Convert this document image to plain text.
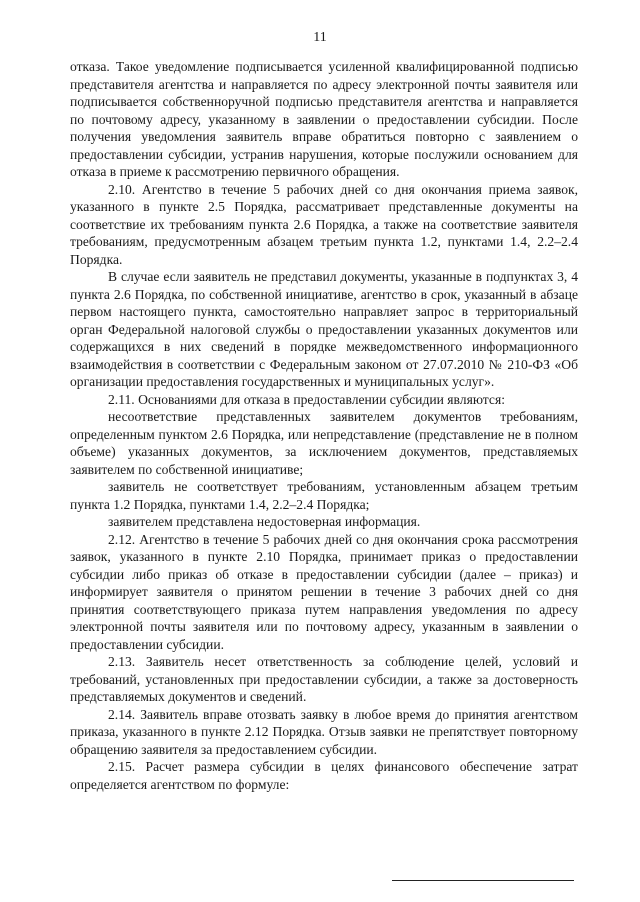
11

отказа. Такое уведомление подписывается усиленной квалифицированной подписью представителя агентства и направляется по адресу электронной почты заявителя или подписывается собственноручной подписью представителя агентства и направляется по почтовому адресу, указанному в заявлении о предоставлении субсидии. После получения уведомления заявитель вправе обратиться повторно с заявлением о предоставлении субсидии, устранив нарушения, которые послужили основанием для отказа в приеме к рассмотрению первичного обращения.

2.10. Агентство в течение 5 рабочих дней со дня окончания приема заявок, указанного в пункте 2.5 Порядка, рассматривает представленные документы на соответствие их требованиям пункта 2.6 Порядка, а также на соответствие заявителя требованиям, предусмотренным абзацем третьим пункта 1.2, пунктами 1.4, 2.2–2.4 Порядка.

В случае если заявитель не представил документы, указанные в подпунктах 3, 4 пункта 2.6 Порядка, по собственной инициативе, агентство в срок, указанный в абзаце первом настоящего пункта, самостоятельно направляет запрос в территориальный орган Федеральной налоговой службы о предоставлении указанных документов или содержащихся в них сведений в порядке межведомственного информационного взаимодействия в соответствии с Федеральным законом от 27.07.2010 № 210-ФЗ «Об организации предоставления государственных и муниципальных услуг».

2.11. Основаниями для отказа в предоставлении субсидии являются:

несоответствие представленных заявителем документов требованиям, определенным пунктом 2.6 Порядка, или непредставление (представление не в полном объеме) указанных документов, за исключением документов, представляемых заявителем по собственной инициативе;

заявитель не соответствует требованиям, установленным абзацем третьим пункта 1.2 Порядка, пунктами 1.4, 2.2–2.4 Порядка;

заявителем представлена недостоверная информация.

2.12. Агентство в течение 5 рабочих дней со дня окончания срока рассмотрения заявок, указанного в пункте 2.10 Порядка, принимает приказ о предоставлении субсидии либо приказ об отказе в предоставлении субсидии (далее – приказ) и информирует заявителя о принятом решении в течение 3 рабочих дней со дня принятия соответствующего приказа путем направления уведомления по адресу электронной почты заявителя или по почтовому адресу, указанным в заявлении о предоставлении субсидии.

2.13. Заявитель несет ответственность за соблюдение целей, условий и требований, установленных при предоставлении субсидии, а также за достоверность представляемых документов и сведений.

2.14. Заявитель вправе отозвать заявку в любое время до принятия агентством приказа, указанного в пункте 2.12 Порядка. Отзыв заявки не препятствует повторному обращению заявителя за предоставлением субсидии.

2.15. Расчет размера субсидии в целях финансового обеспечение затрат определяется агентством по формуле:
